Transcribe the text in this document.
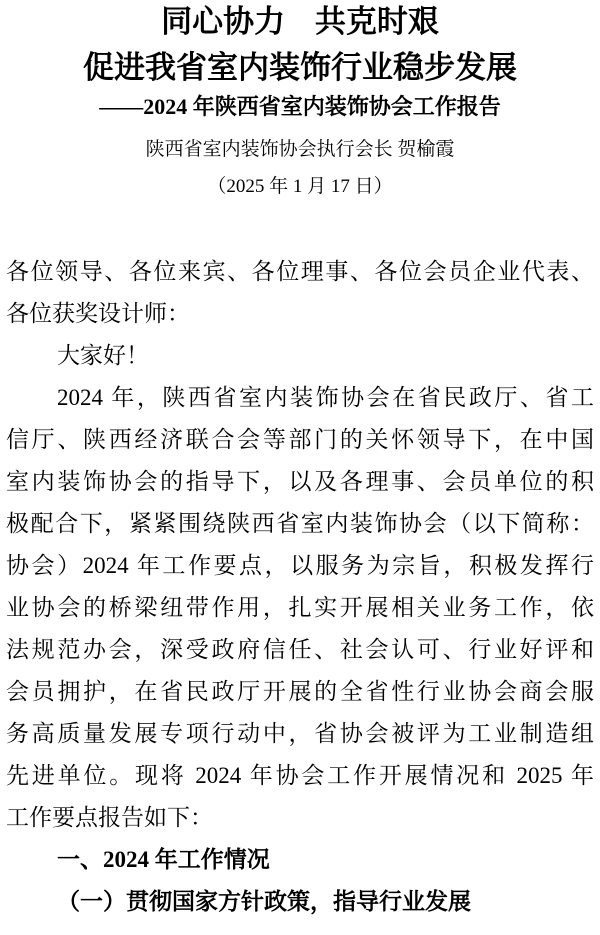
同心协力 共克时艰
促进我省室内装饰行业稳步发展
——2024 年陕西省室内装饰协会工作报告
陕西省室内装饰协会执行会长 贺榆霞
（2025 年 1 月 17 日）
各位领导、各位来宾、各位理事、各位会员企业代表、
各位获奖设计师：
大家好！
2024 年，陕西省室内装饰协会在省民政厅、省工
信厅、陕西经济联合会等部门的关怀领导下，在中国
室内装饰协会的指导下，以及各理事、会员单位的积
极配合下，紧紧围绕陕西省室内装饰协会（以下简称：
协会）2024 年工作要点，以服务为宗旨，积极发挥行
业协会的桥梁纽带作用，扎实开展相关业务工作，依
法规范办会，深受政府信任、社会认可、行业好评和
会员拥护，在省民政厅开展的全省性行业协会商会服
务高质量发展专项行动中，省协会被评为工业制造组
先进单位。现将 2024 年协会工作开展情况和 2025 年
工作要点报告如下：
一、2024 年工作情况
（一）贯彻国家方针政策，指导行业发展
